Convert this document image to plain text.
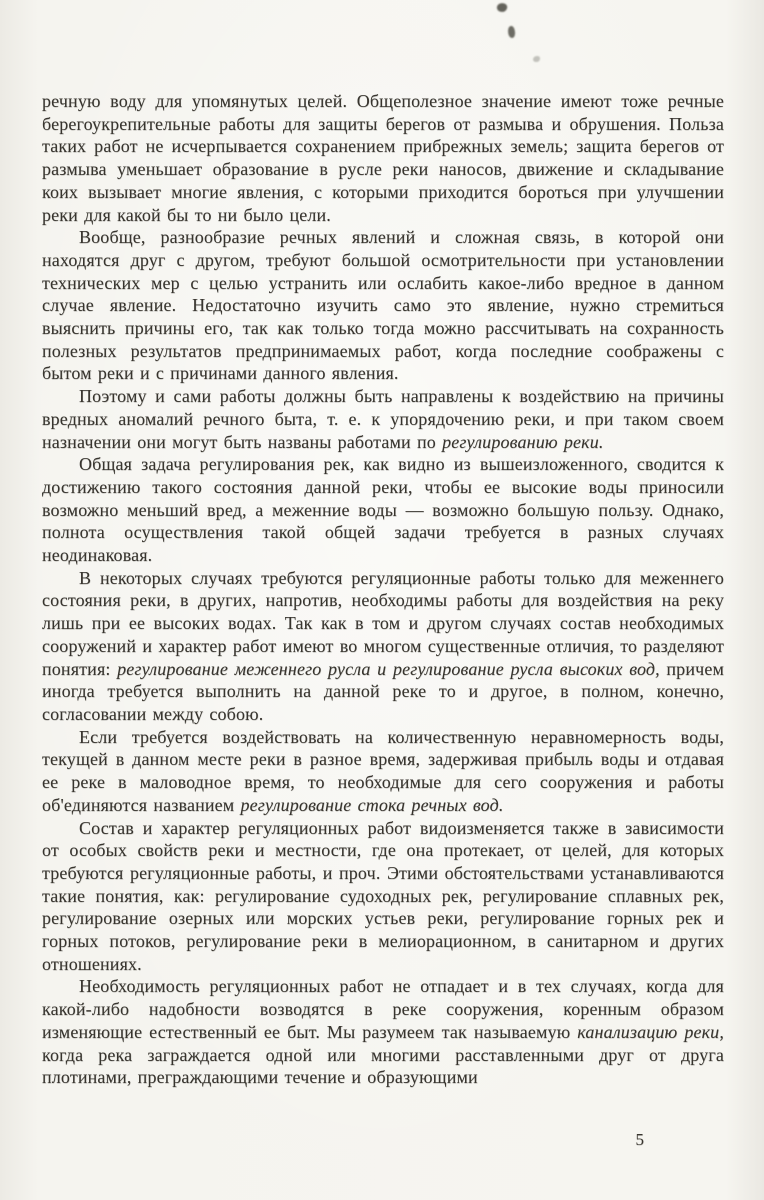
речную воду для упомянутых целей. Общеполезное значение имеют тоже речные берегоукрепительные работы для защиты берегов от размыва и обрушения. Польза таких работ не исчерпывается сохранением прибрежных земель; защита берегов от размыва уменьшает образование в русле реки наносов, движение и складывание коих вызывает многие явления, с которыми приходится бороться при улучшении реки для какой бы то ни было цели.

Вообще, разнообразие речных явлений и сложная связь, в которой они находятся друг с другом, требуют большой осмотрительности при установлении технических мер с целью устранить или ослабить какое-либо вредное в данном случае явление. Недостаточно изучить само это явление, нужно стремиться выяснить причины его, так как только тогда можно рассчитывать на сохранность полезных результатов предпринимаемых работ, когда последние соображены с бытом реки и с причинами данного явления.

Поэтому и сами работы должны быть направлены к воздействию на причины вредных аномалий речного быта, т. е. к упорядочению реки, и при таком своем назначении они могут быть названы работами по регулированию реки.

Общая задача регулирования рек, как видно из вышеизложенного, сводится к достижению такого состояния данной реки, чтобы ее высокие воды приносили возможно меньший вред, а меженние воды — возможно большую пользу. Однако, полнота осуществления такой общей задачи требуется в разных случаях неодинаковая.

В некоторых случаях требуются регуляционные работы только для меженнего состояния реки, в других, напротив, необходимы работы для воздействия на реку лишь при ее высоких водах. Так как в том и другом случаях состав необходимых сооружений и характер работ имеют во многом существенные отличия, то разделяют понятия: регулирование меженнего русла и регулирование русла высоких вод, причем иногда требуется выполнить на данной реке то и другое, в полном, конечно, согласовании между собою.

Если требуется воздействовать на количественную неравномерность воды, текущей в данном месте реки в разное время, задерживая прибыль воды и отдавая ее реке в маловодное время, то необходимые для сего сооружения и работы об'единяются названием регулирование стока речных вод.

Состав и характер регуляционных работ видоизменяется также в зависимости от особых свойств реки и местности, где она протекает, от целей, для которых требуются регуляционные работы, и проч. Этими обстоятельствами устанавливаются такие понятия, как: регулирование судоходных рек, регулирование сплавных рек, регулирование озерных или морских устьев реки, регулирование горных рек и горных потоков, регулирование реки в мелиорационном, в санитарном и других отношениях.

Необходимость регуляционных работ не отпадает и в тех случаях, когда для какой-либо надобности возводятся в реке сооружения, коренным образом изменяющие естественный ее быт. Мы разумеем так называемую канализацию реки, когда река заграждается одной или многими расставленными друг от друга плотинами, преграждающими течение и образующими

5
